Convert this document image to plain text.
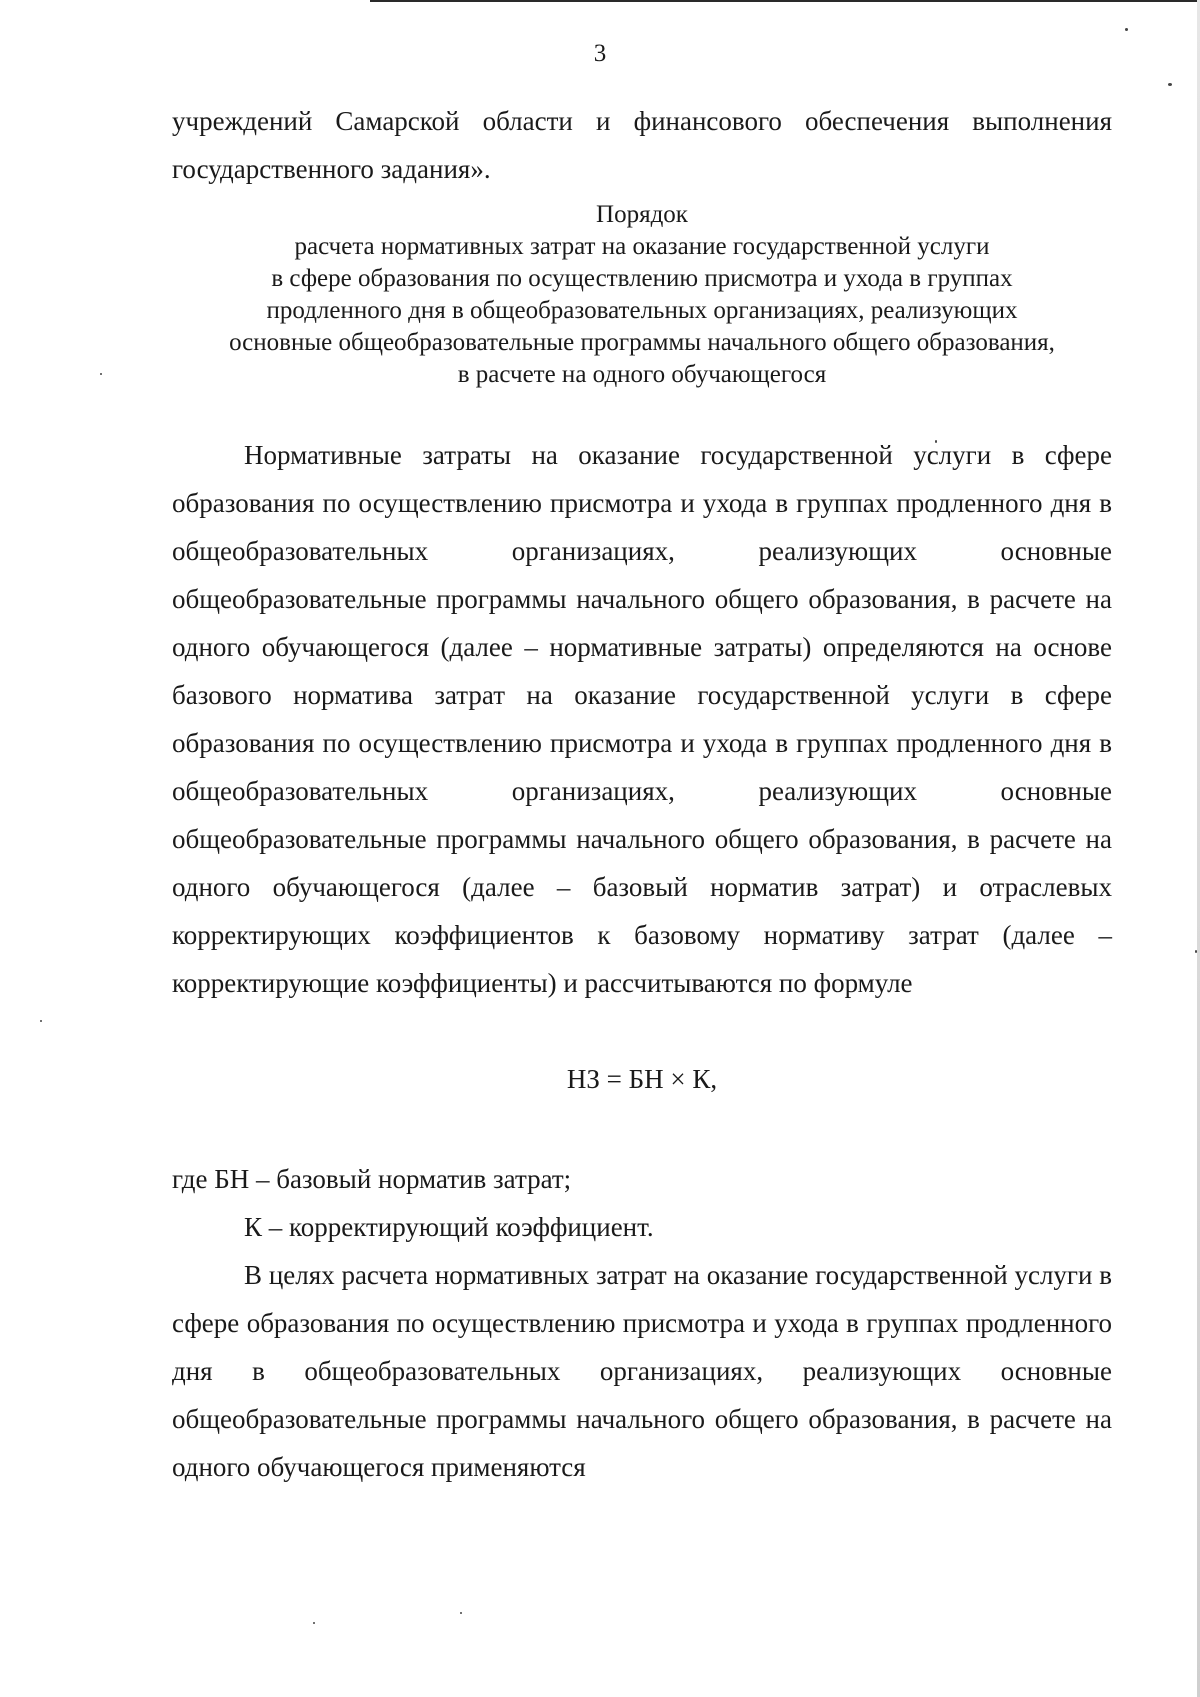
3

учреждений Самарской области и финансового обеспечения выполнения государственного задания».

Порядок
расчета нормативных затрат на оказание государственной услуги
в сфере образования по осуществлению присмотра и ухода в группах
продленного дня в общеобразовательных организациях, реализующих
основные общеобразовательные программы начального общего образования,
в расчете на одного обучающегося

Нормативные затраты на оказание государственной услуги в сфере образования по осуществлению присмотра и ухода в группах продленного дня в общеобразовательных организациях, реализующих основные общеобразовательные программы начального общего образования, в расчете на одного обучающегося (далее – нормативные затраты) определяются на основе базового норматива затрат на оказание государственной услуги в сфере образования по осуществлению присмотра и ухода в группах продленного дня в общеобразовательных организациях, реализующих основные общеобразовательные программы начального общего образования, в расчете на одного обучающегося (далее – базовый норматив затрат) и отраслевых корректирующих коэффициентов к базовому нормативу затрат (далее – корректирующие коэффициенты) и рассчитываются по формуле

НЗ = БН × К,

где БН – базовый норматив затрат;

К – корректирующий коэффициент.

В целях расчета нормативных затрат на оказание государственной услуги в сфере образования по осуществлению присмотра и ухода в группах продленного дня в общеобразовательных организациях, реализующих основные общеобразовательные программы начального общего образования, в расчете на одного обучающегося применяются
